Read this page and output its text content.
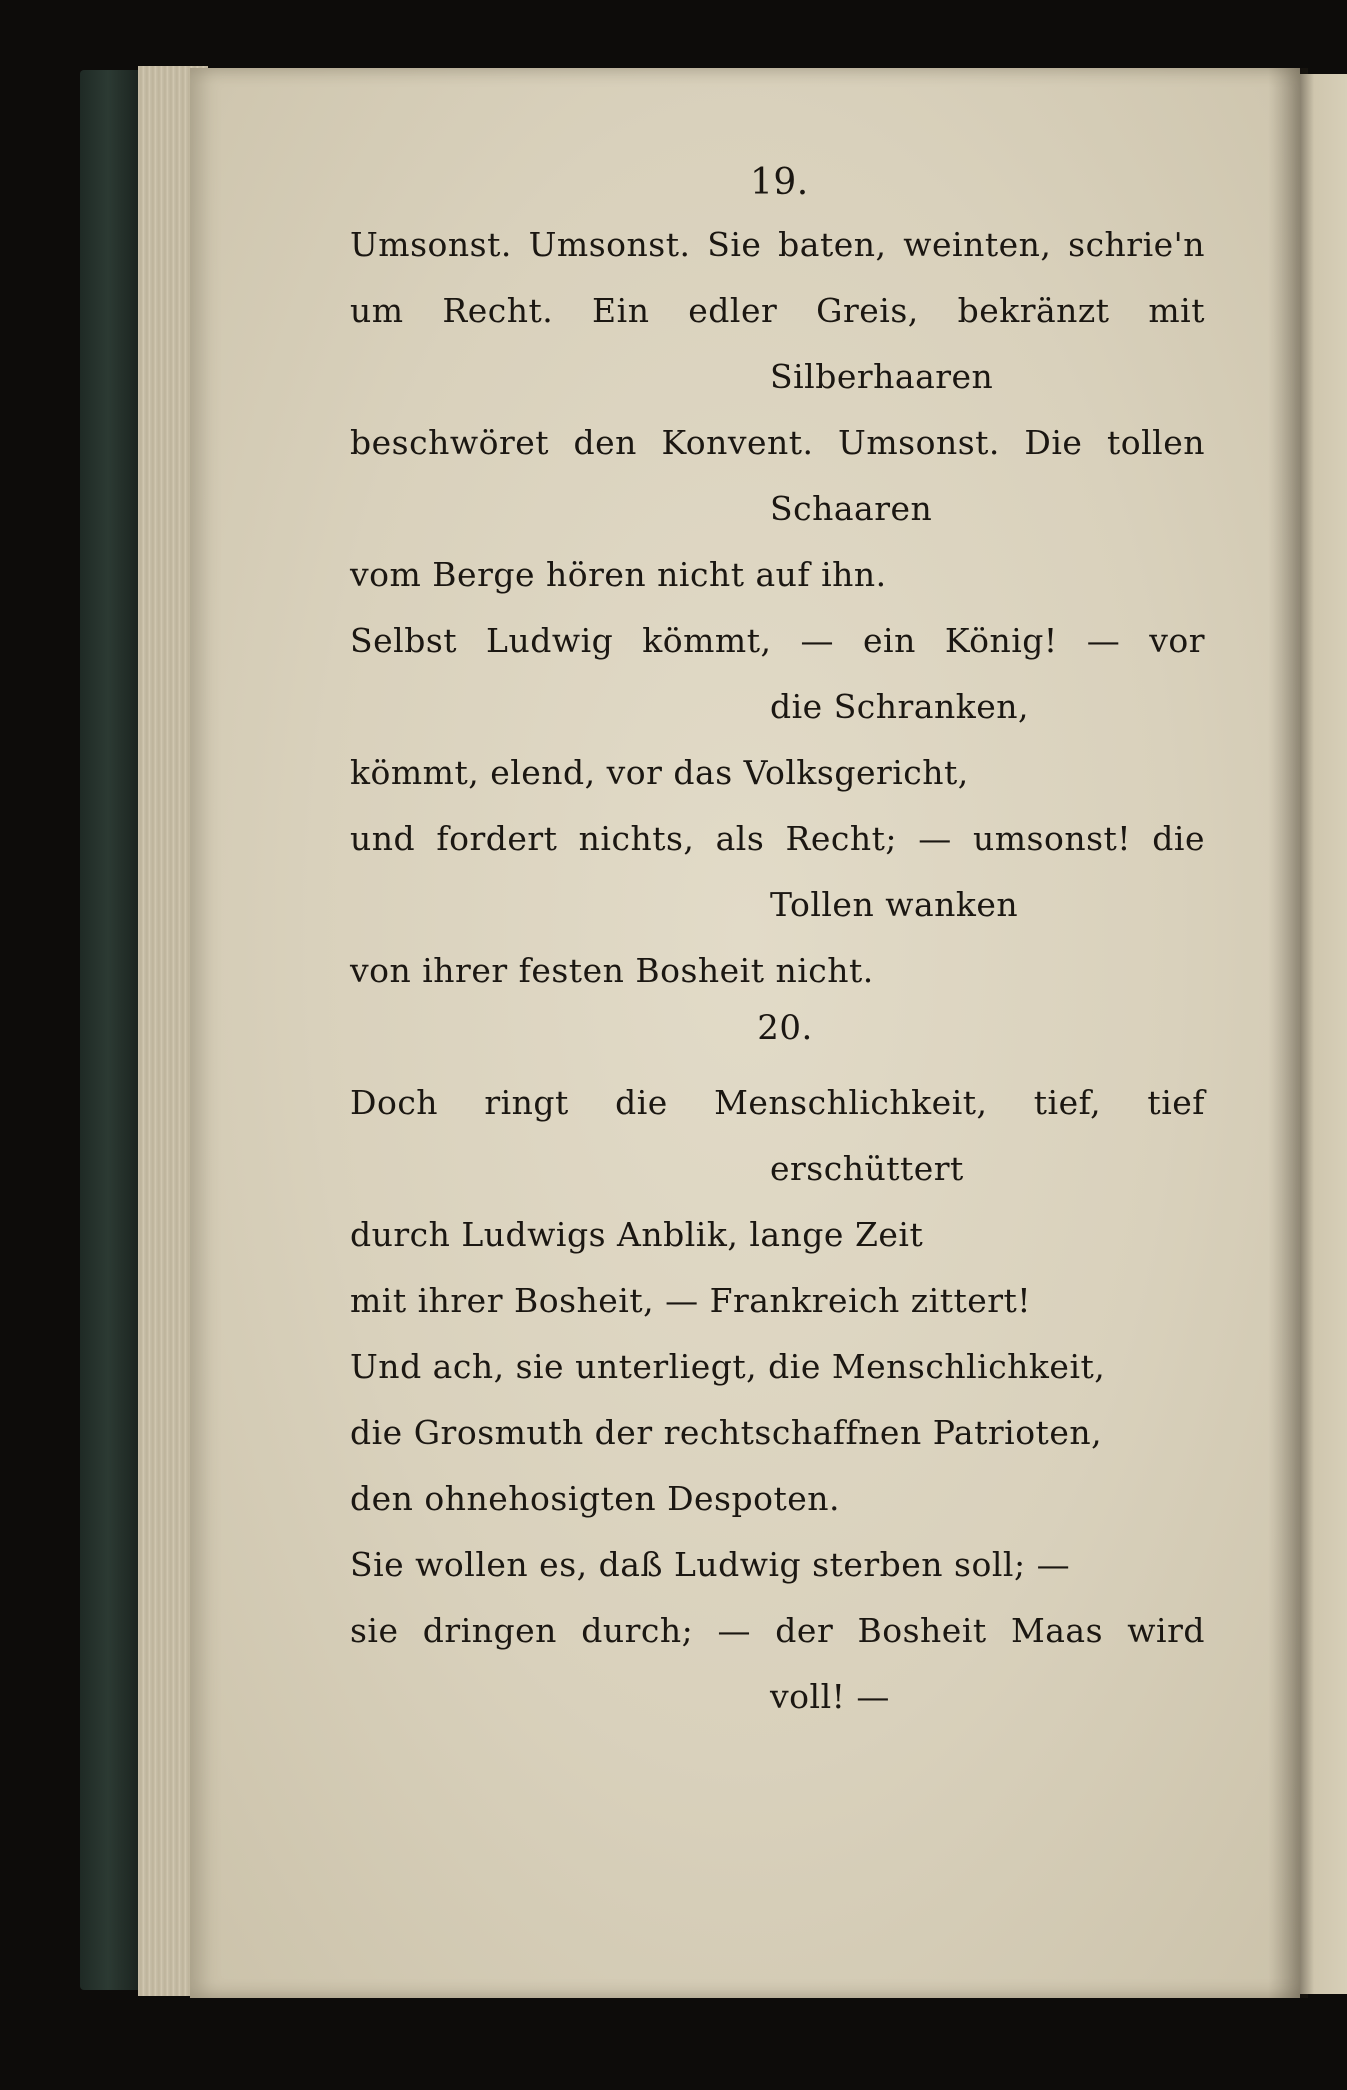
19.
Umsonst. Umsonst. Sie baten, weinten, schrie'n
um Recht. Ein edler Greis, bekränzt mit
Silberhaaren
beschwöret den Konvent. Umsonst. Die tollen
Schaaren
vom Berge hören nicht auf ihn.
Selbst Ludwig kömmt, — ein König! — vor
die Schranken,
kömmt, elend, vor das Volksgericht,
und fordert nichts, als Recht; — umsonst! die
Tollen wanken
von ihrer festen Bosheit nicht.
20.
Doch ringt die Menschlichkeit, tief, tief
erschüttert
durch Ludwigs Anblik, lange Zeit
mit ihrer Bosheit, — Frankreich zittert!
Und ach, sie unterliegt, die Menschlichkeit,
die Grosmuth der rechtschaffnen Patrioten,
den ohnehosigten Despoten.
Sie wollen es, daß Ludwig sterben soll; —
sie dringen durch; — der Bosheit Maas wird
voll! —
